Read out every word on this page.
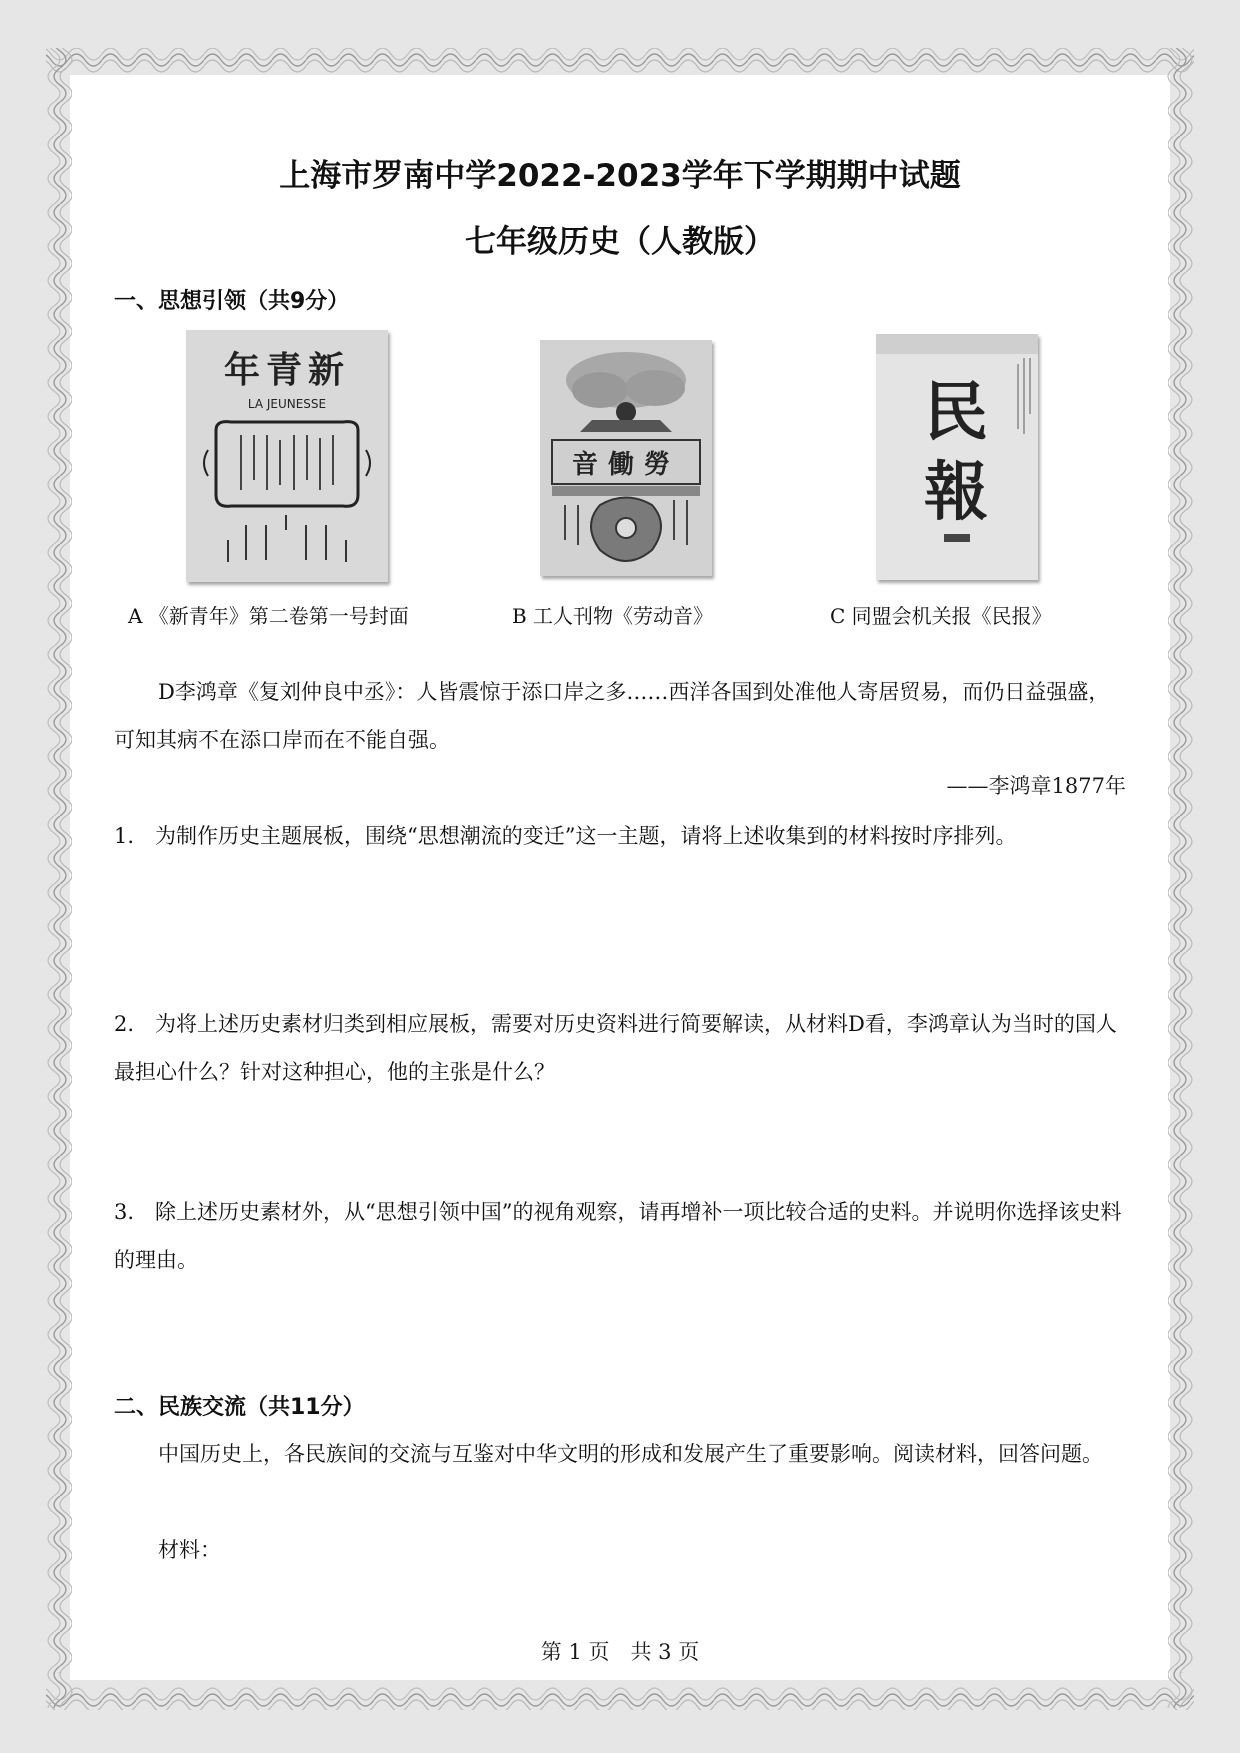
上海市罗南中学2022-2023学年下学期期中试题
七年级历史（人教版）
一、思想引领（共9分）
年青新
LA JEUNESSE
音働勞
民
報
A 《新青年》第二卷第一号封面	B 工人刊物《劳动音》	C 同盟会机关报《民报》
D李鸿章《复刘仲良中丞》：人皆震惊于添口岸之多……西洋各国到处准他人寄居贸易，而仍日益强盛，可知其病不在添口岸而在不能自强。
——李鸿章1877年
1.　为制作历史主题展板，围绕“思想潮流的变迁”这一主题，请将上述收集到的材料按时序排列。
2.　为将上述历史素材归类到相应展板，需要对历史资料进行简要解读，从材料D看，李鸿章认为当时的国人最担心什么？针对这种担心，他的主张是什么？
3.　除上述历史素材外，从“思想引领中国”的视角观察，请再增补一项比较合适的史料。并说明你选择该史料的理由。
二、民族交流（共11分）
中国历史上，各民族间的交流与互鉴对中华文明的形成和发展产生了重要影响。阅读材料，回答问题。
材料：
第 1 页　共 3 页
